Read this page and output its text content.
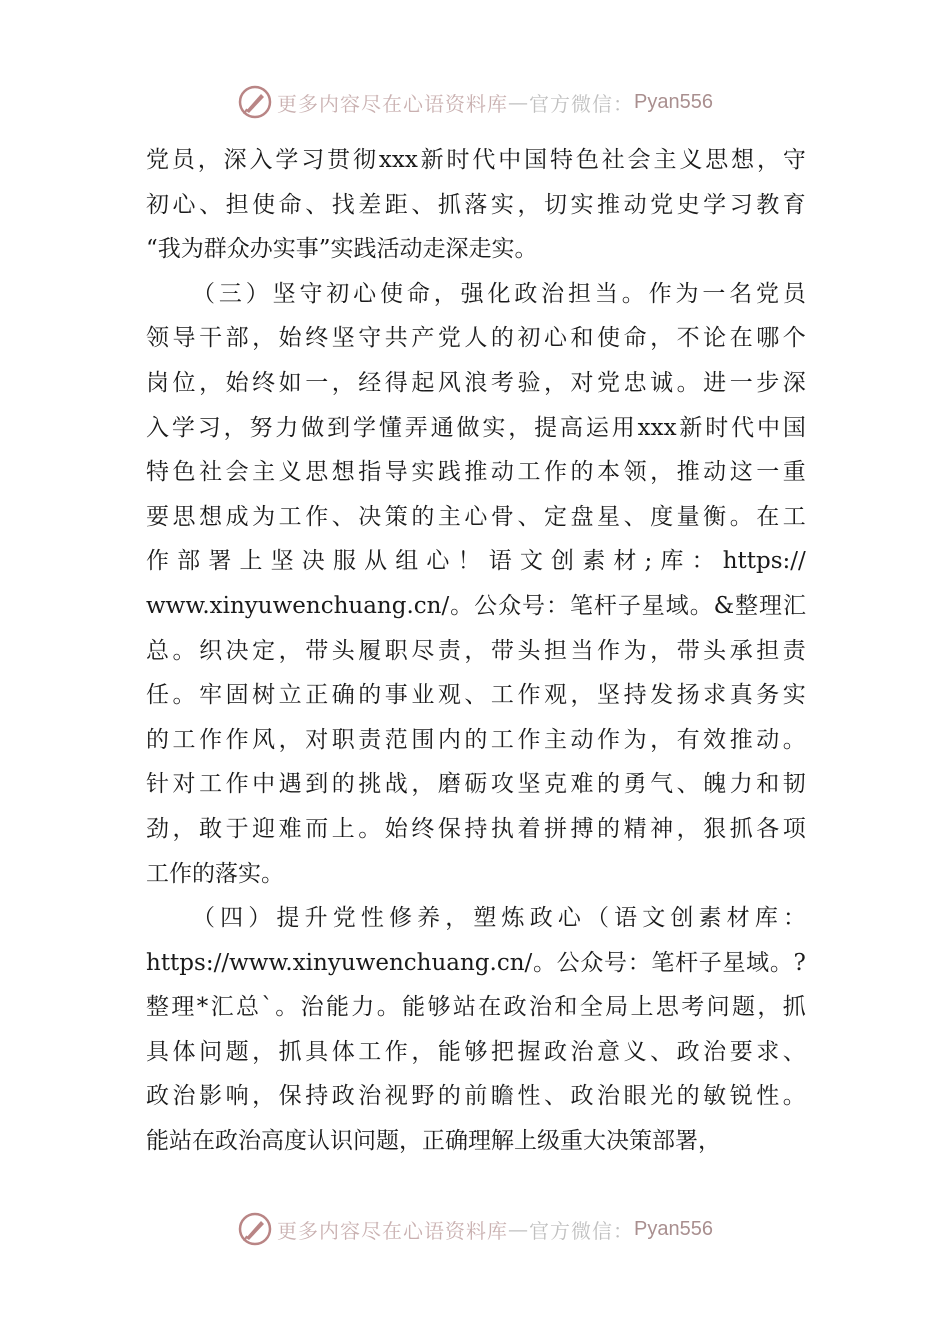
更多内容尽在心语资料库 — 官方微信： Pyan556
党 员 ， 深 入 学 习 贯 彻 xxx 新 时 代 中 国 特 色 社 会 主 义 思 想 ， 守
初 心 、 担 使 命 、 找 差 距 、 抓 落 实 ， 切 实 推 动 党 史 学 习 教 育
“我为群众办实事”实践活动走深走实。
（ 三 ） 坚 守 初 心 使 命 ， 强 化 政 治 担 当 。 作 为 一 名 党 员
领 导 干 部 ， 始 终 坚 守 共 产 党 人 的 初 心 和 使 命 ， 不 论 在 哪 个
岗 位 ， 始 终 如 一 ， 经 得 起 风 浪 考 验 ， 对 党 忠 诚 。 进 一 步 深
入 学 习 ， 努 力 做 到 学 懂 弄 通 做 实 ， 提 高 运 用 xxx 新 时 代 中 国
特 色 社 会 主 义 思 想 指 导 实 践 推 动 工 作 的 本 领 ， 推 动 这 一 重
要 思 想 成 为 工 作 、 决 策 的 主 心 骨 、 定 盘 星 、 度 量 衡 。 在 工
作 部 署 上 坚 决 服 从 组 心 ！ 语 文 创 素 材 ; 库 ： https://
www.xinyuwenchuang.cn/ 。 公 众 号 ： 笔 杆 子 星 域 。 & 整 理 汇
总 。 织 决 定 ， 带 头 履 职 尽 责 ， 带 头 担 当 作 为 ， 带 头 承 担 责
任 。 牢 固 树 立 正 确 的 事 业 观 、 工 作 观 ， 坚 持 发 扬 求 真 务 实
的 工 作 作 风 ， 对 职 责 范 围 内 的 工 作 主 动 作 为 ， 有 效 推 动 。
针 对 工 作 中 遇 到 的 挑 战 ， 磨 砺 攻 坚 克 难 的 勇 气 、 魄 力 和 韧
劲 ， 敢 于 迎 难 而 上 。 始 终 保 持 执 着 拼 搏 的 精 神 ， 狠 抓 各 项
工作的落实。
（ 四 ） 提 升 党 性 修 养 ， 塑 炼 政 心 （ 语 文 创 素 材 库 ：
https://www.xinyuwenchuang.cn/ 。 公 众 号 ： 笔 杆 子 星 域 。 ?
整 理 * 汇 总 ` 。 治 能 力 。 能 够 站 在 政 治 和 全 局 上 思 考 问 题 ， 抓
具 体 问 题 ， 抓 具 体 工 作 ， 能 够 把 握 政 治 意 义 、 政 治 要 求 、
政 治 影 响 ， 保 持 政 治 视 野 的 前 瞻 性 、 政 治 眼 光 的 敏 锐 性 。
能站在政治高度认识问题，正确理解上级重大决策部署，
更多内容尽在心语资料库 — 官方微信： Pyan556
